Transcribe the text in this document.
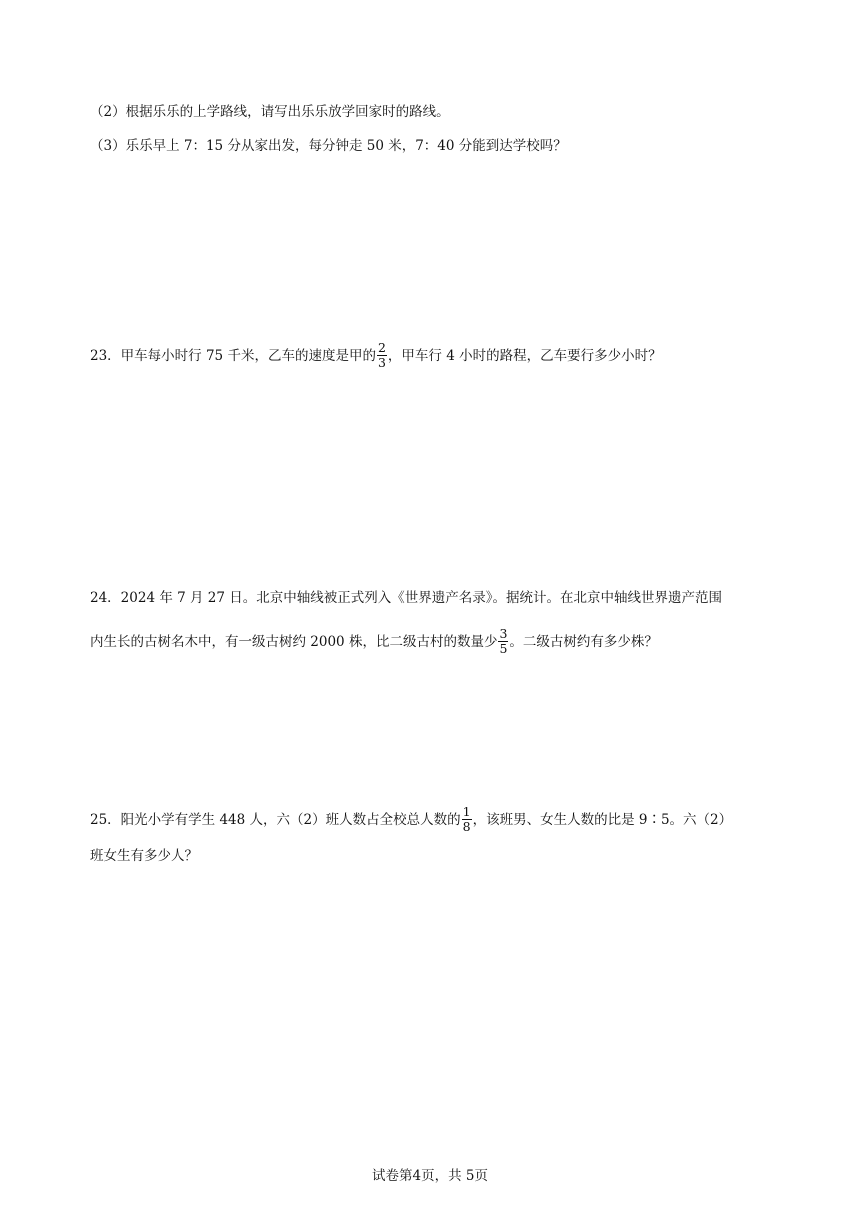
（2）根据乐乐的上学路线，请写出乐乐放学回家时的路线。
（3）乐乐早上 7：15 分从家出发，每分钟走 50 米，7：40 分能到达学校吗？
23．甲车每小时行 75 千米，乙车的速度是甲的 $\frac{2}{3}$ ，甲车行 4 小时的路程，乙车要行多少小时？
24．2024 年 7 月 27 日。北京中轴线被正式列入《世界遗产名录》。据统计。在北京中轴线世界遗产范围
内生长的古树名木中，有一级古树约 2000 株，比二级古村的数量少 $\frac{3}{5}$ 。二级古树约有多少株？
25．阳光小学有学生 448 人，六（2）班人数占全校总人数的 $\frac{1}{8}$ ，该班男、女生人数的比是 9∶5。六（2）
班女生有多少人？
试卷第4页，共 5页
